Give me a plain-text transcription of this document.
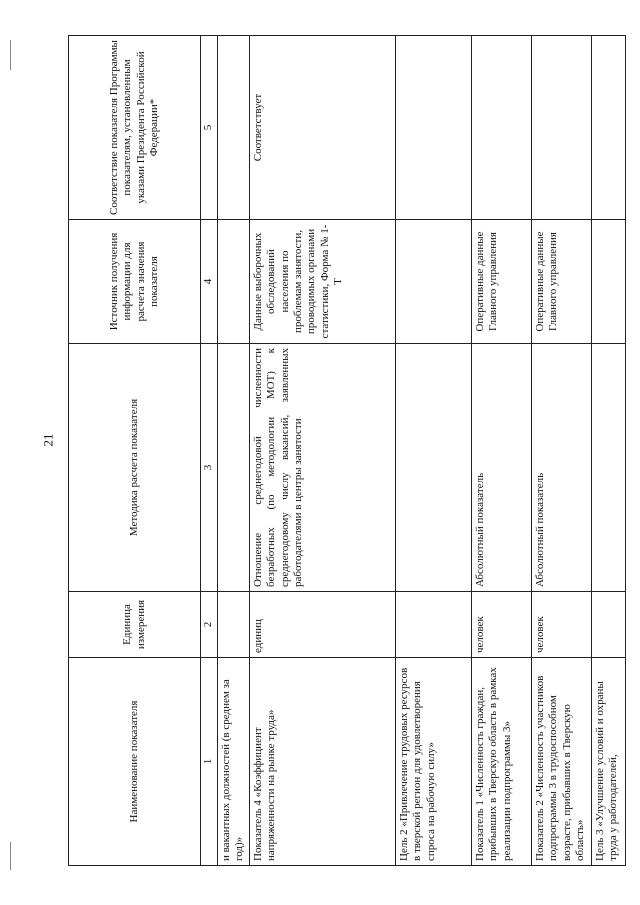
21
Наименование показателя	Единица измерения	Методика расчета показателя	Источник получения информации для расчета значения показателя	Соответствие показателя Программы показателям, установленным указами Президента Российской Федерации*
1	2	3	4	5
и вакантных должностей (в среднем за год)»				
Показатель 4 «Коэффициент напряженности на рынке труда»	единиц	Отношение среднегодовой численности безработных (по методологии МОТ) к среднегодовому числу вакансий, заявленных работодателями в центры занятости	Данные выборочных обследований населения по проблемам занятости, проводимых органами статистики, Форма № 1-Т	Соответствует
Цель 2 «Привлечение трудовых ресурсов в тверской регион для удовлетворения спроса на рабочую силу»				
Показатель 1 «Численность граждан, прибывших в Тверскую область в рамках реализации подпрограммы 3»	человек	Абсолютный показатель	Оперативные данные Главного управления	
Показатель 2 «Численность участников подпрограммы 3 в трудоспособном возрасте, прибывших в Тверскую область»	человек	Абсолютный показатель	Оперативные данные Главного управления	
Цель 3 «Улучшение условий и охраны труда у работодателей,				
